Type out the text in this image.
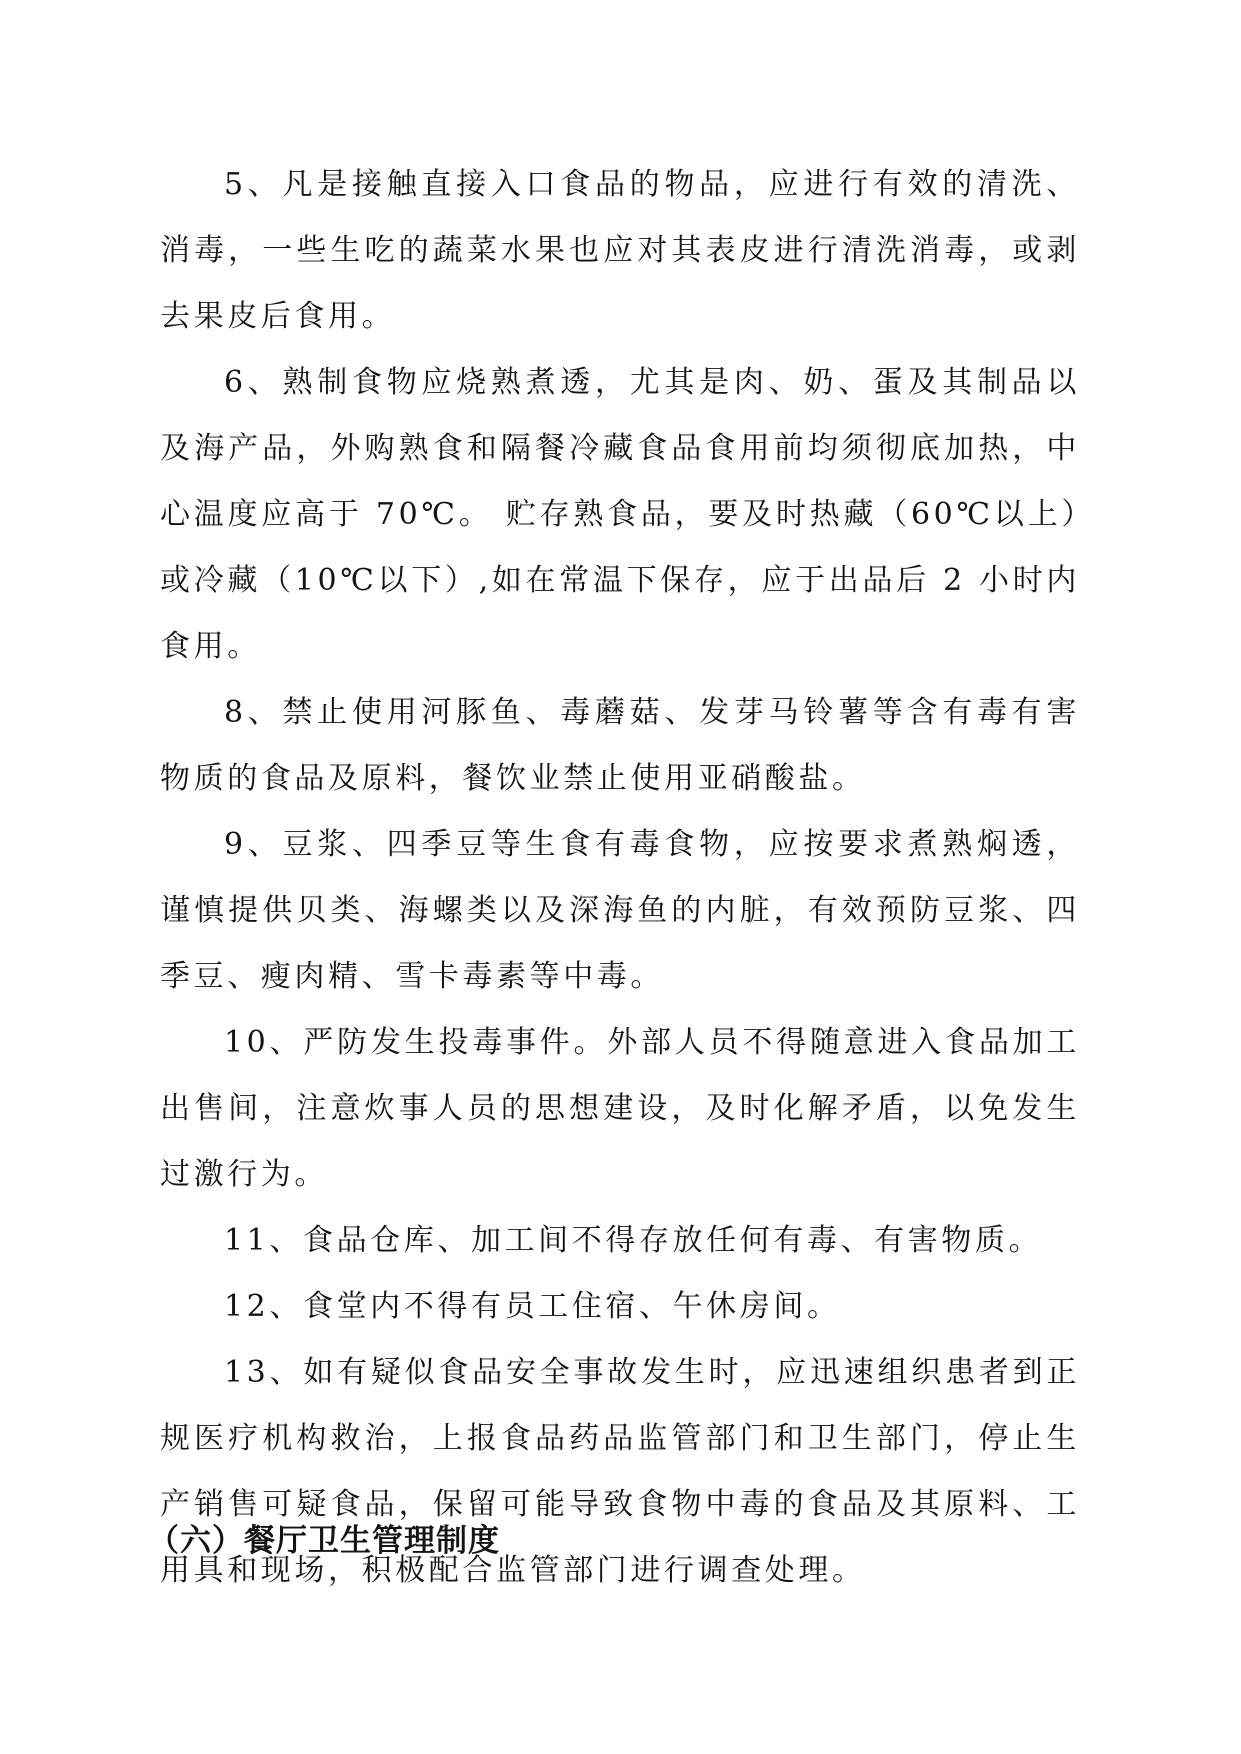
5、凡是接触直接入口食品的物品，应进行有效的清洗、消毒，一些生吃的蔬菜水果也应对其表皮进行清洗消毒，或剥去果皮后食用。

6、熟制食物应烧熟煮透，尤其是肉、奶、蛋及其制品以及海产品，外购熟食和隔餐冷藏食品食用前均须彻底加热，中心温度应高于 70℃。 贮存熟食品，要及时热藏（60℃以上）或冷藏（10℃以下）,如在常温下保存，应于出品后 2 小时内食用。

8、禁止使用河豚鱼、毒蘑菇、发芽马铃薯等含有毒有害物质的食品及原料，餐饮业禁止使用亚硝酸盐。

9、豆浆、四季豆等生食有毒食物，应按要求煮熟焖透，谨慎提供贝类、海螺类以及深海鱼的内脏，有效预防豆浆、四季豆、瘦肉精、雪卡毒素等中毒。

10、严防发生投毒事件。外部人员不得随意进入食品加工出售间，注意炊事人员的思想建设，及时化解矛盾，以免发生过激行为。

11、食品仓库、加工间不得存放任何有毒、有害物质。

12、食堂内不得有员工住宿、午休房间。

13、如有疑似食品安全事故发生时，应迅速组织患者到正规医疗机构救治，上报食品药品监管部门和卫生部门，停止生产销售可疑食品，保留可能导致食物中毒的食品及其原料、工用具和现场，积极配合监管部门进行调查处理。

（六）餐厅卫生管理制度
